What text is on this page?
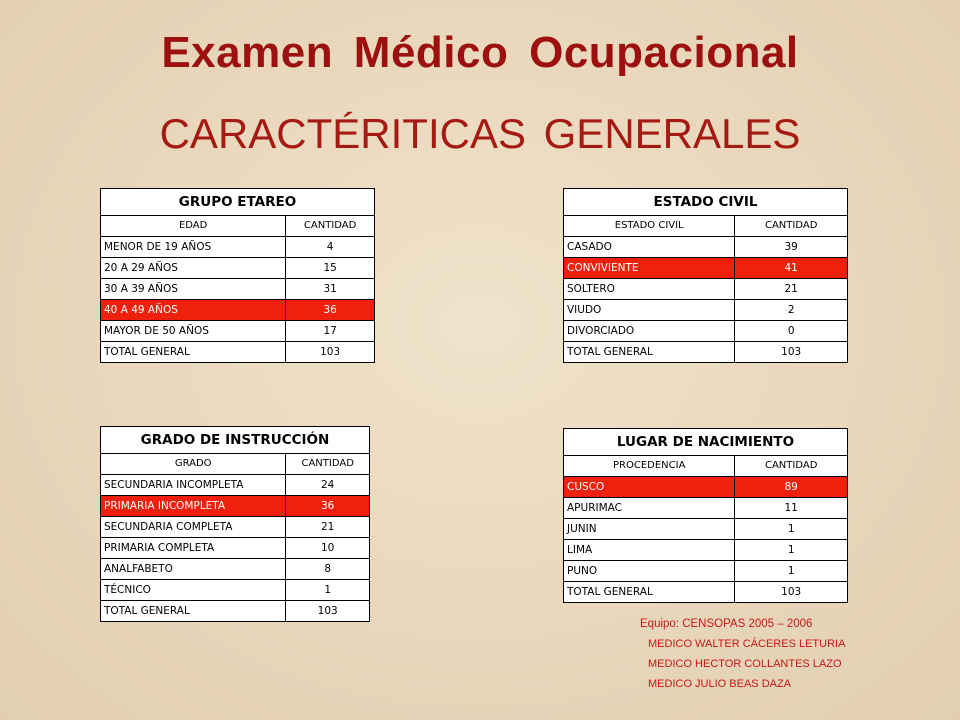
Examen Médico Ocupacional
CARACTÉRITICAS GENERALES
GRUPO ETAREO	
EDAD	CANTIDAD
MENOR DE 19 AÑOS	4
20 A 29 AÑOS	15
30 A 39 AÑOS	31
40 A 49 AÑOS	36
MAYOR DE 50 AÑOS	17
TOTAL GENERAL	103
ESTADO CIVIL	
ESTADO CIVIL	CANTIDAD
CASADO	39
CONVIVIENTE	41
SOLTERO	21
VIUDO	2
DIVORCIADO	0
TOTAL GENERAL	103
GRADO DE INSTRUCCIÓN	
GRADO	CANTIDAD
SECUNDARIA INCOMPLETA	24
PRIMARIA INCOMPLETA	36
SECUNDARIA COMPLETA	21
PRIMARIA COMPLETA	10
ANALFABETO	8
TÉCNICO	1
TOTAL GENERAL	103
LUGAR DE NACIMIENTO	
PROCEDENCIA	CANTIDAD
CUSCO	89
APURIMAC	11
JUNIN	1
LIMA	1
PUNO	1
TOTAL GENERAL	103
Equipo: CENSOPAS 2005 – 2006
MEDICO WALTER CÁCERES LETURIA
MEDICO HECTOR COLLANTES LAZO
MEDICO JULIO BEAS DAZA
